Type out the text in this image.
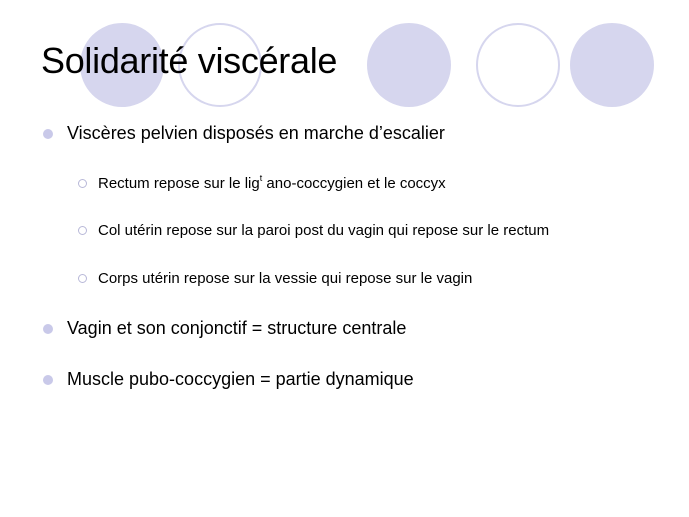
Solidarité viscérale
Viscères pelvien disposés en marche d’escalier
Rectum repose sur le lig$^t$ ano-coccygien et le coccyx
Col utérin repose sur la paroi post du vagin qui repose sur le rectum
Corps utérin repose sur la vessie qui repose sur le vagin
Vagin et son conjonctif = structure centrale
Muscle pubo-coccygien = partie dynamique
